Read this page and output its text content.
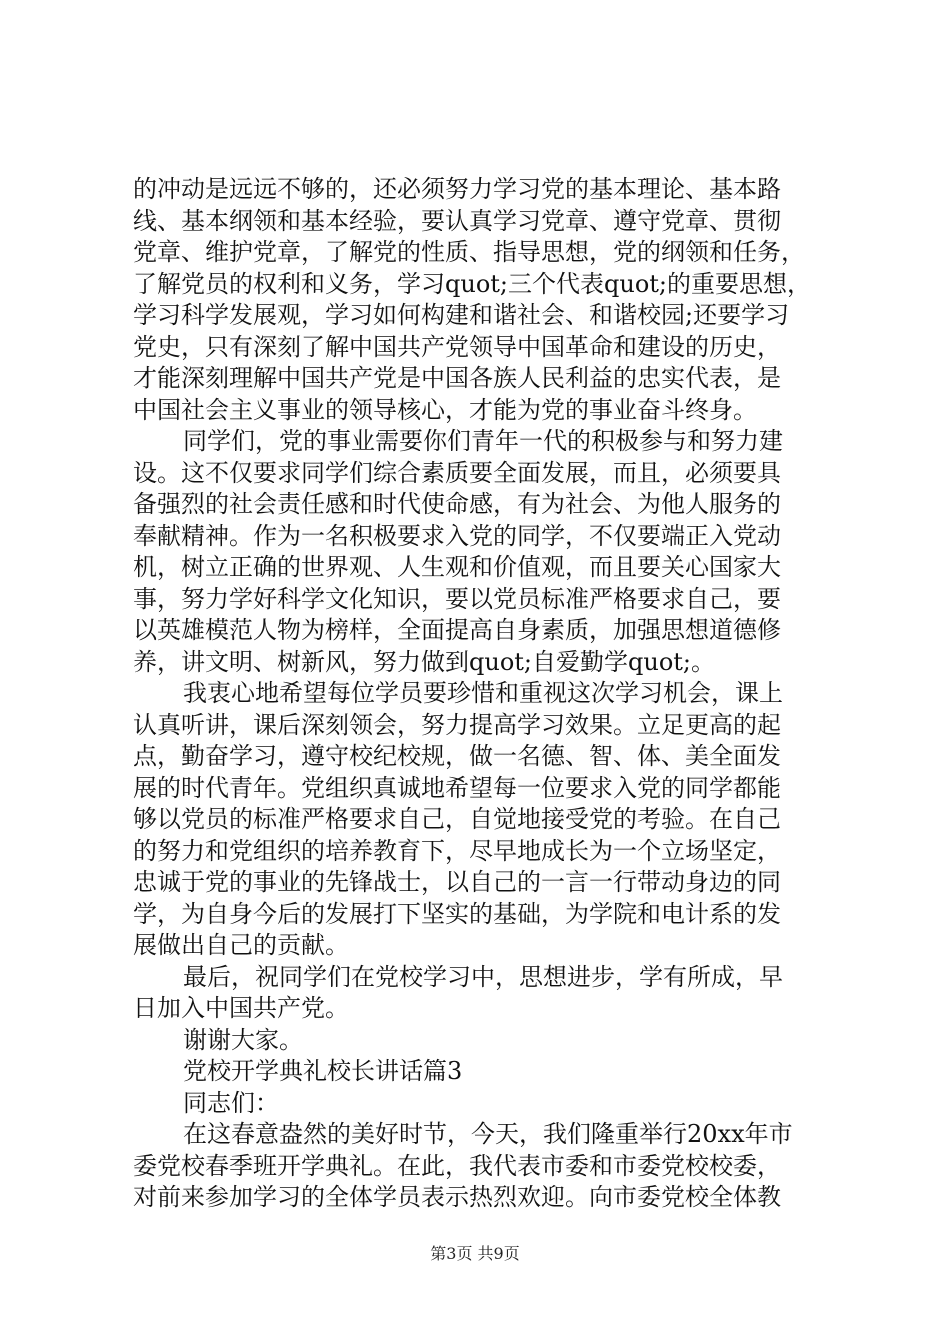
的冲动是远远不够的，还必须努力学习党的基本理论、基本路
线、基本纲领和基本经验，要认真学习党章、遵守党章、贯彻
党章、维护党章，了解党的性质、指导思想，党的纲领和任务，
了解党员的权利和义务，学习quot;三个代表quot;的重要思想，
学习科学发展观，学习如何构建和谐社会、和谐校园;还要学习
党史，只有深刻了解中国共产党领导中国革命和建设的历史，
才能深刻理解中国共产党是中国各族人民利益的忠实代表，是
中国社会主义事业的领导核心，才能为党的事业奋斗终身。
同学们，党的事业需要你们青年一代的积极参与和努力建
设。这不仅要求同学们综合素质要全面发展，而且，必须要具
备强烈的社会责任感和时代使命感，有为社会、为他人服务的
奉献精神。作为一名积极要求入党的同学，不仅要端正入党动
机，树立正确的世界观、人生观和价值观，而且要关心国家大
事，努力学好科学文化知识，要以党员标准严格要求自己，要
以英雄模范人物为榜样，全面提高自身素质，加强思想道德修
养，讲文明、树新风，努力做到quot;自爱勤学quot;。
我衷心地希望每位学员要珍惜和重视这次学习机会，课上
认真听讲，课后深刻领会，努力提高学习效果。立足更高的起
点，勤奋学习，遵守校纪校规，做一名德、智、体、美全面发
展的时代青年。党组织真诚地希望每一位要求入党的同学都能
够以党员的标准严格要求自己，自觉地接受党的考验。在自己
的努力和党组织的培养教育下，尽早地成长为一个立场坚定，
忠诚于党的事业的先锋战士，以自己的一言一行带动身边的同
学，为自身今后的发展打下坚实的基础，为学院和电计系的发
展做出自己的贡献。
最后，祝同学们在党校学习中，思想进步，学有所成，早
日加入中国共产党。
谢谢大家。
党校开学典礼校长讲话篇3
同志们：
在这春意盎然的美好时节，今天，我们隆重举行20xx年市
委党校春季班开学典礼。在此，我代表市委和市委党校校委，
对前来参加学习的全体学员表示热烈欢迎。向市委党校全体教
第3页 共9页
